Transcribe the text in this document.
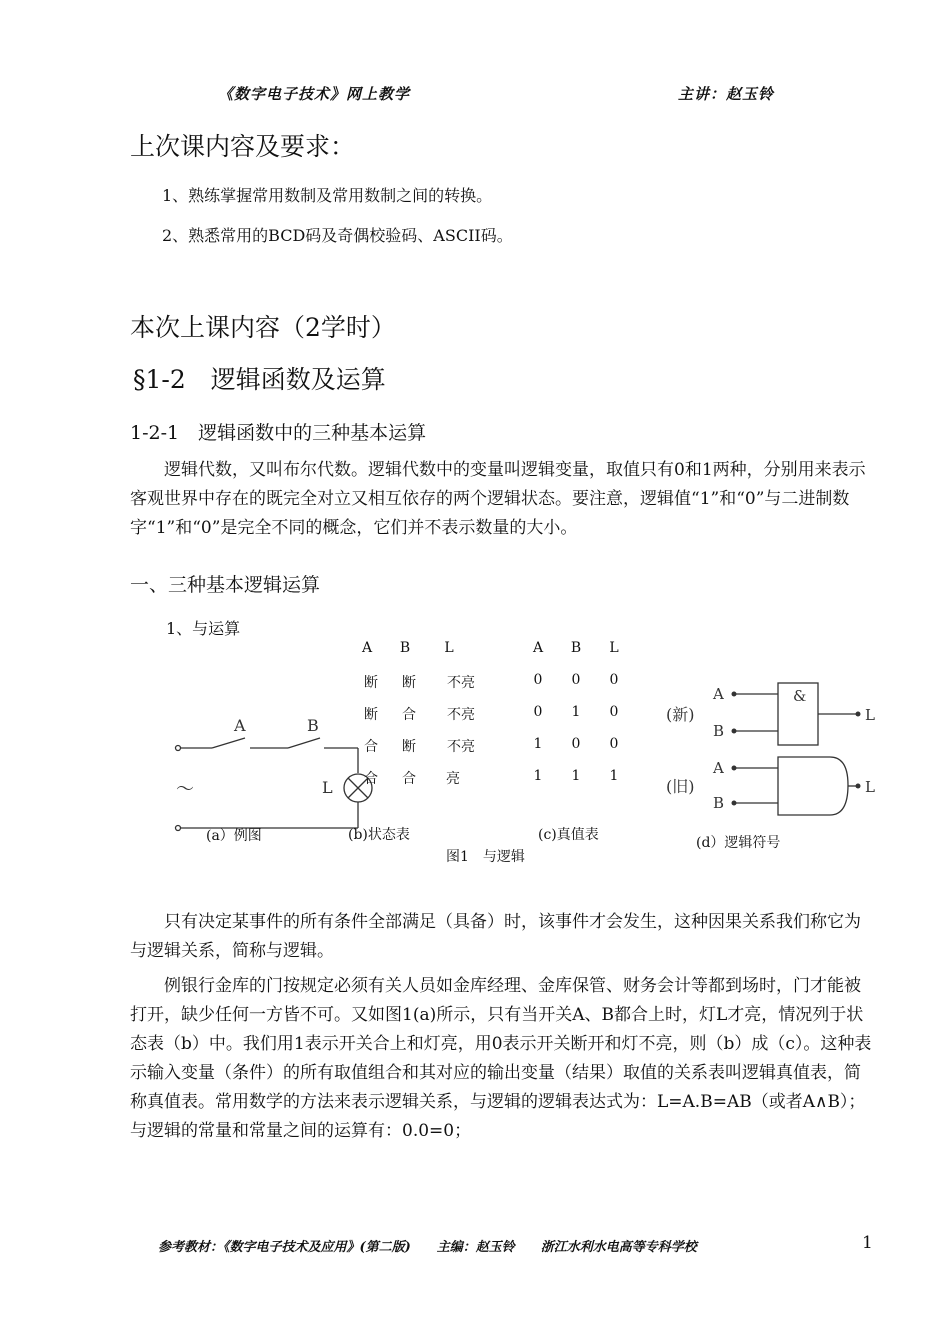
《数字电子技术》网上教学	主讲：赵玉铃
上次课内容及要求：
1、熟练掌握常用数制及常用数制之间的转换。
2、熟悉常用的BCD码及奇偶校验码、ASCII码。
本次上课内容（2学时）
§1-2　逻辑函数及运算
1-2-1　逻辑函数中的三种基本运算

逻辑代数，又叫布尔代数。逻辑代数中的变量叫逻辑变量，取值只有0和1两种，分别用来表示客观世界中存在的既完全对立又相互依存的两个逻辑状态。要注意，逻辑值“1”和“0”与二进制数字“1”和“0”是完全不同的概念，它们并不表示数量的大小。

一、三种基本逻辑运算
1、与运算
A	B
L
～
A	B	L
断	断	不亮
断	合	不亮
合	断	不亮
合	合	亮
A	B	L
0	0	0
0	1	0
1	0	0
1	1	1
(新)
A
B
&
L
(旧)
A
B
L
(a）例图	(b)状态表	(c)真值表	(d）逻辑符号
图1　与逻辑

只有决定某事件的所有条件全部满足（具备）时，该事件才会发生，这种因果关系我们称它为与逻辑关系，简称与逻辑。

例银行金库的门按规定必须有关人员如金库经理、金库保管、财务会计等都到场时，门才能被打开，缺少任何一方皆不可。又如图1(a)所示，只有当开关A、B都合上时，灯L才亮，情况列于状态表（b）中。我们用1表示开关合上和灯亮，用0表示开关断开和灯不亮，则（b）成（c）。这种表示输入变量（条件）的所有取值组合和其对应的输出变量（结果）取值的关系表叫逻辑真值表，简称真值表。常用数学的方法来表示逻辑关系，与逻辑的逻辑表达式为：L=A.B=AB（或者A∧B）；与逻辑的常量和常量之间的运算有：0.0=0；

参考教材：《数字电子技术及应用》(第二版)　　主编：赵玉铃　　浙江水利水电高等专科学校	1
